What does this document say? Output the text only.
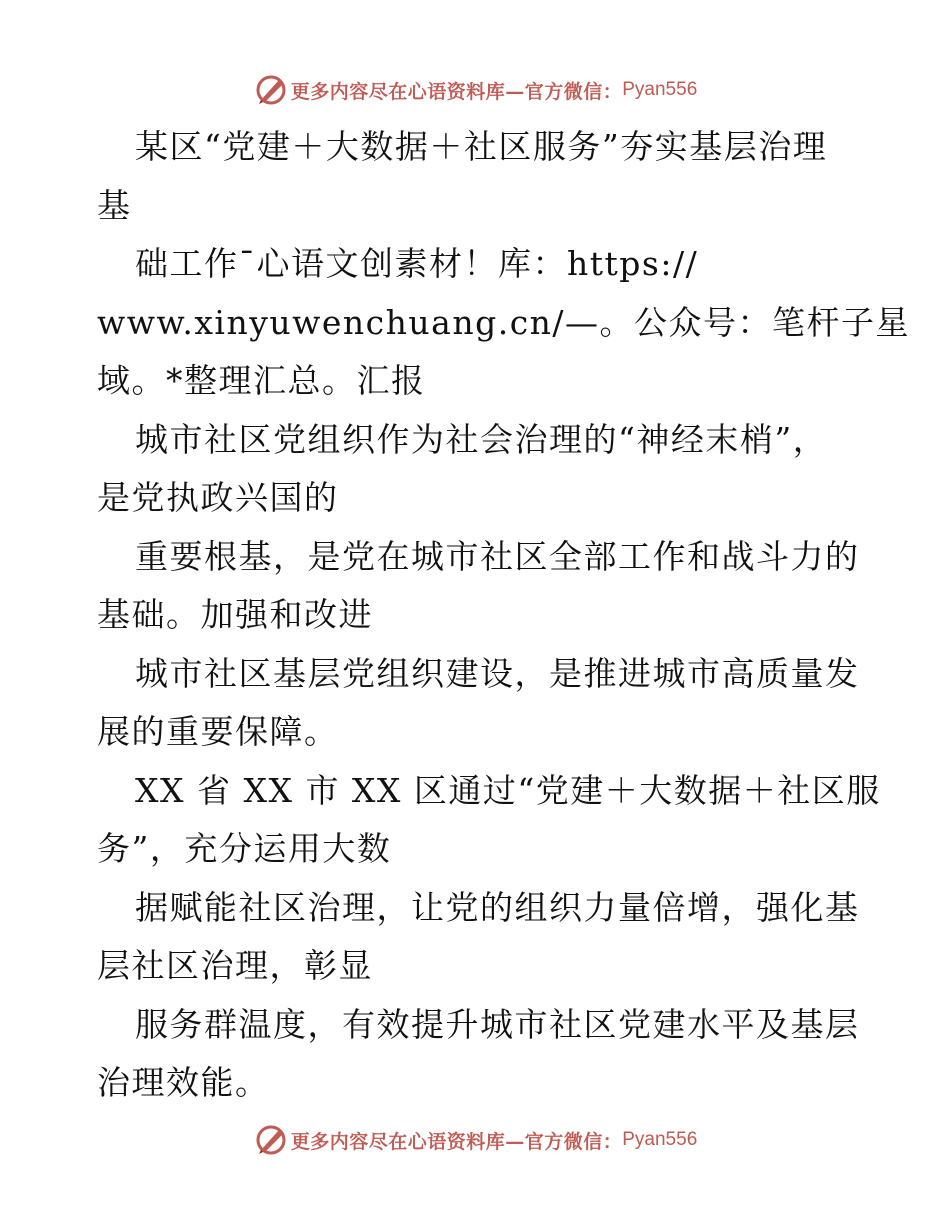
更多内容尽在心语资料库—官方微信： Pyan556
某区“党建＋大数据＋社区服务”夯实基层治理
基
础工作¯心语文创素材！库：https://
www.xinyuwenchuang.cn/—。公众号：笔杆子星
域。*整理汇总。汇报
城市社区党组织作为社会治理的“神经末梢”，
是党执政兴国的
重要根基，是党在城市社区全部工作和战斗力的
基础。加强和改进
城市社区基层党组织建设，是推进城市高质量发
展的重要保障。
XX 省 XX 市 XX 区通过“党建＋大数据＋社区服
务”，充分运用大数
据赋能社区治理，让党的组织力量倍增，强化基
层社区治理，彰显
服务群温度，有效提升城市社区党建水平及基层
治理效能。
更多内容尽在心语资料库—官方微信： Pyan556
